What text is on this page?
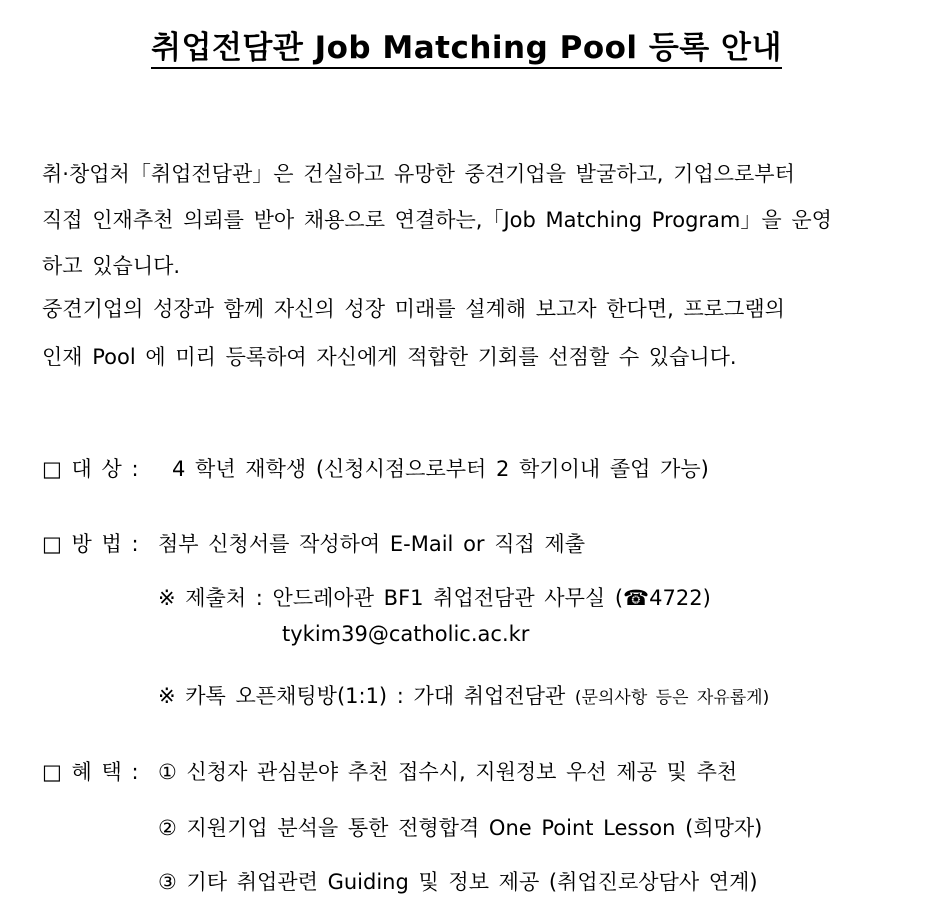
취업전담관 Job Matching Pool 등록 안내
취·창업처「취업전담관」은 건실하고 유망한 중견기업을 발굴하고, 기업으로부터
직접 인재추천 의뢰를 받아 채용으로 연결하는,「Job Matching Program」을 운영
하고 있습니다.
중견기업의 성장과 함께 자신의 성장 미래를 설계해 보고자 한다면, 프로그램의
인재 Pool 에 미리 등록하여 자신에게 적합한 기회를 선점할 수 있습니다.
□ 대 상 : 4 학년 재학생 (신청시점으로부터 2 학기이내 졸업 가능)
□ 방 법 : 첨부 신청서를 작성하여 E-Mail or 직접 제출
※ 제출처 : 안드레아관 BF1 취업전담관 사무실 (☎4722)
tykim39@catholic.ac.kr
※ 카톡 오픈채팅방(1:1) : 가대 취업전담관 (문의사항 등은 자유롭게)
□ 혜 택 : ① 신청자 관심분야 추천 접수시, 지원정보 우선 제공 및 추천
② 지원기업 분석을 통한 전형합격 One Point Lesson (희망자)
③ 기타 취업관련 Guiding 및 정보 제공 (취업진로상담사 연계)
